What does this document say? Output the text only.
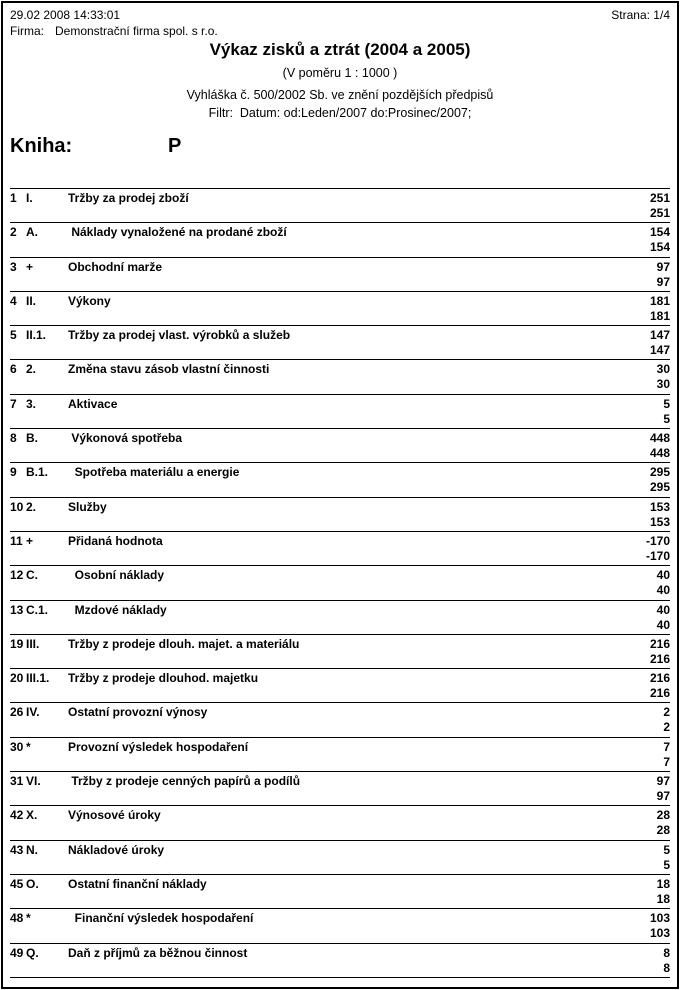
29.02 2008 14:33:01	Strana: 1/4
Firma: Demonstrační firma spol. s r.o.
Výkaz zisků a ztrát (2004 a 2005)
(V poměru 1 : 1000 )
Vyhláška č. 500/2002 Sb. ve znění pozdějších předpisů
Filtr:  Datum: od:Leden/2007 do:Prosinec/2007;
Kniha:	P
1 I.	Tržby za prodej zboží	251
251
2 A.	Náklady vynaložené na prodané zboží	154
154
3 +	Obchodní marže	97
97
4 II.	Výkony	181
181
5 II.1.	Tržby za prodej vlast. výrobků a služeb	147
147
6 2.	Změna stavu zásob vlastní činnosti	30
30
7 3.	Aktivace	5
5
8 B.	Výkonová spotřeba	448
448
9 B.1.	Spotřeba materiálu a energie	295
295
10 2.	Služby	153
153
11 +	Přidaná hodnota	-170
-170
12 C.	Osobní náklady	40
40
13 C.1.	Mzdové náklady	40
40
19 III.	Tržby z prodeje dlouh. majet. a materiálu	216
216
20 III.1.	Tržby z prodeje dlouhod. majetku	216
216
26 IV.	Ostatní provozní výnosy	2
2
30 *	Provozní výsledek hospodaření	7
7
31 VI.	Tržby z prodeje cenných papírů a podílů	97
97
42 X.	Výnosové úroky	28
28
43 N.	Nákladové úroky	5
5
45 O.	Ostatní finanční náklady	18
18
48 *	Finanční výsledek hospodaření	103
103
49 Q.	Daň z příjmů za běžnou činnost	8
8
